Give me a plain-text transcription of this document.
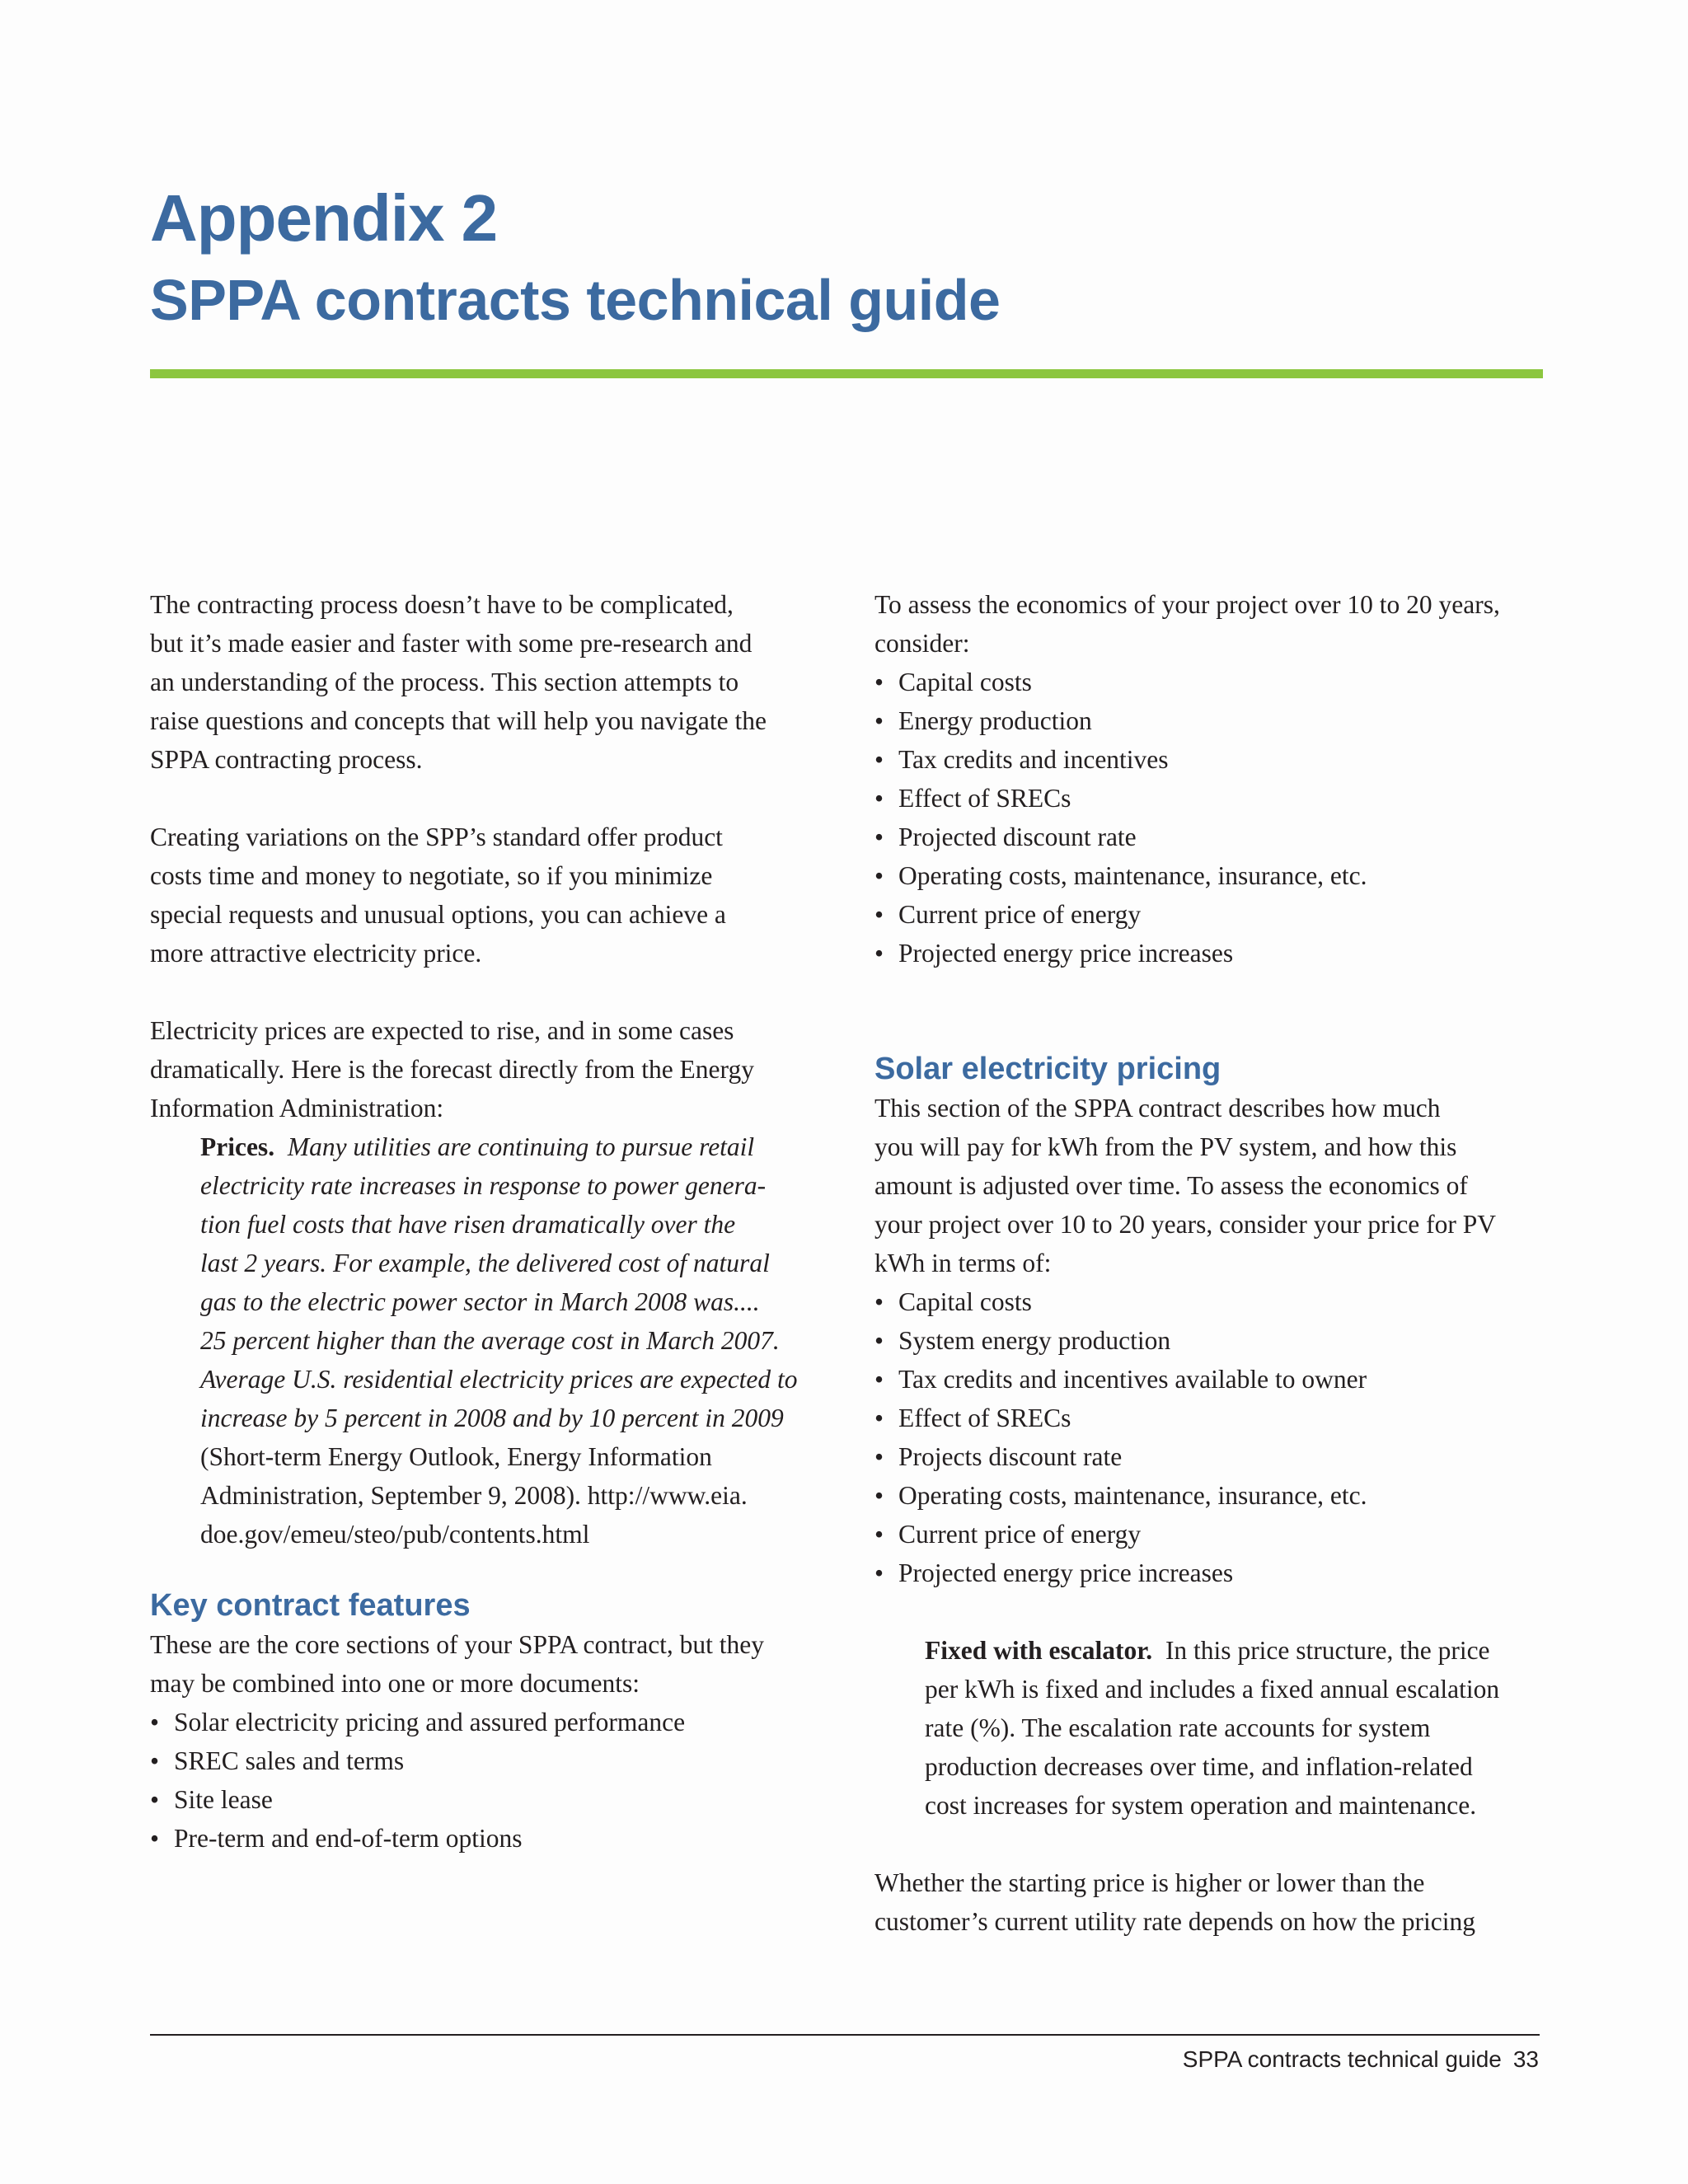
Appendix 2
SPPA contracts technical guide

The contracting process doesn’t have to be complicated,
but it’s made easier and faster with some pre-research and
an understanding of the process. This section attempts to
raise questions and concepts that will help you navigate the
SPPA contracting process.

Creating variations on the SPP’s standard offer product
costs time and money to negotiate, so if you minimize
special requests and unusual options, you can achieve a
more attractive electricity price.

Electricity prices are expected to rise, and in some cases
dramatically. Here is the forecast directly from the Energy
Information Administration:

Prices. Many utilities are continuing to pursue retail
electricity rate increases in response to power genera-
tion fuel costs that have risen dramatically over the
last 2 years. For example, the delivered cost of natural
gas to the electric power sector in March 2008 was....
25 percent higher than the average cost in March 2007.
Average U.S. residential electricity prices are expected to
increase by 5 percent in 2008 and by 10 percent in 2009
(Short-term Energy Outlook, Energy Information
Administration, September 9, 2008). http://www.eia.
doe.gov/emeu/steo/pub/contents.html
Key contract features

These are the core sections of your SPPA contract, but they
may be combined into one or more documents:

• Solar electricity pricing and assured performance
• SREC sales and terms
• Site lease
• Pre-term and end-of-term options

To assess the economics of your project over 10 to 20 years,
consider:

• Capital costs
• Energy production
• Tax credits and incentives
• Effect of SRECs
• Projected discount rate
• Operating costs, maintenance, insurance, etc.
• Current price of energy
• Projected energy price increases
Solar electricity pricing

This section of the SPPA contract describes how much
you will pay for kWh from the PV system, and how this
amount is adjusted over time. To assess the economics of
your project over 10 to 20 years, consider your price for PV
kWh in terms of:

• Capital costs
• System energy production
• Tax credits and incentives available to owner
• Effect of SRECs
• Projects discount rate
• Operating costs, maintenance, insurance, etc.
• Current price of energy
• Projected energy price increases
Fixed with escalator. In this price structure, the price
per kWh is fixed and includes a fixed annual escalation
rate (%). The escalation rate accounts for system
production decreases over time, and inflation-related
cost increases for system operation and maintenance.

Whether the starting price is higher or lower than the
customer’s current utility rate depends on how the pricing

SPPA contracts technical guide 33
